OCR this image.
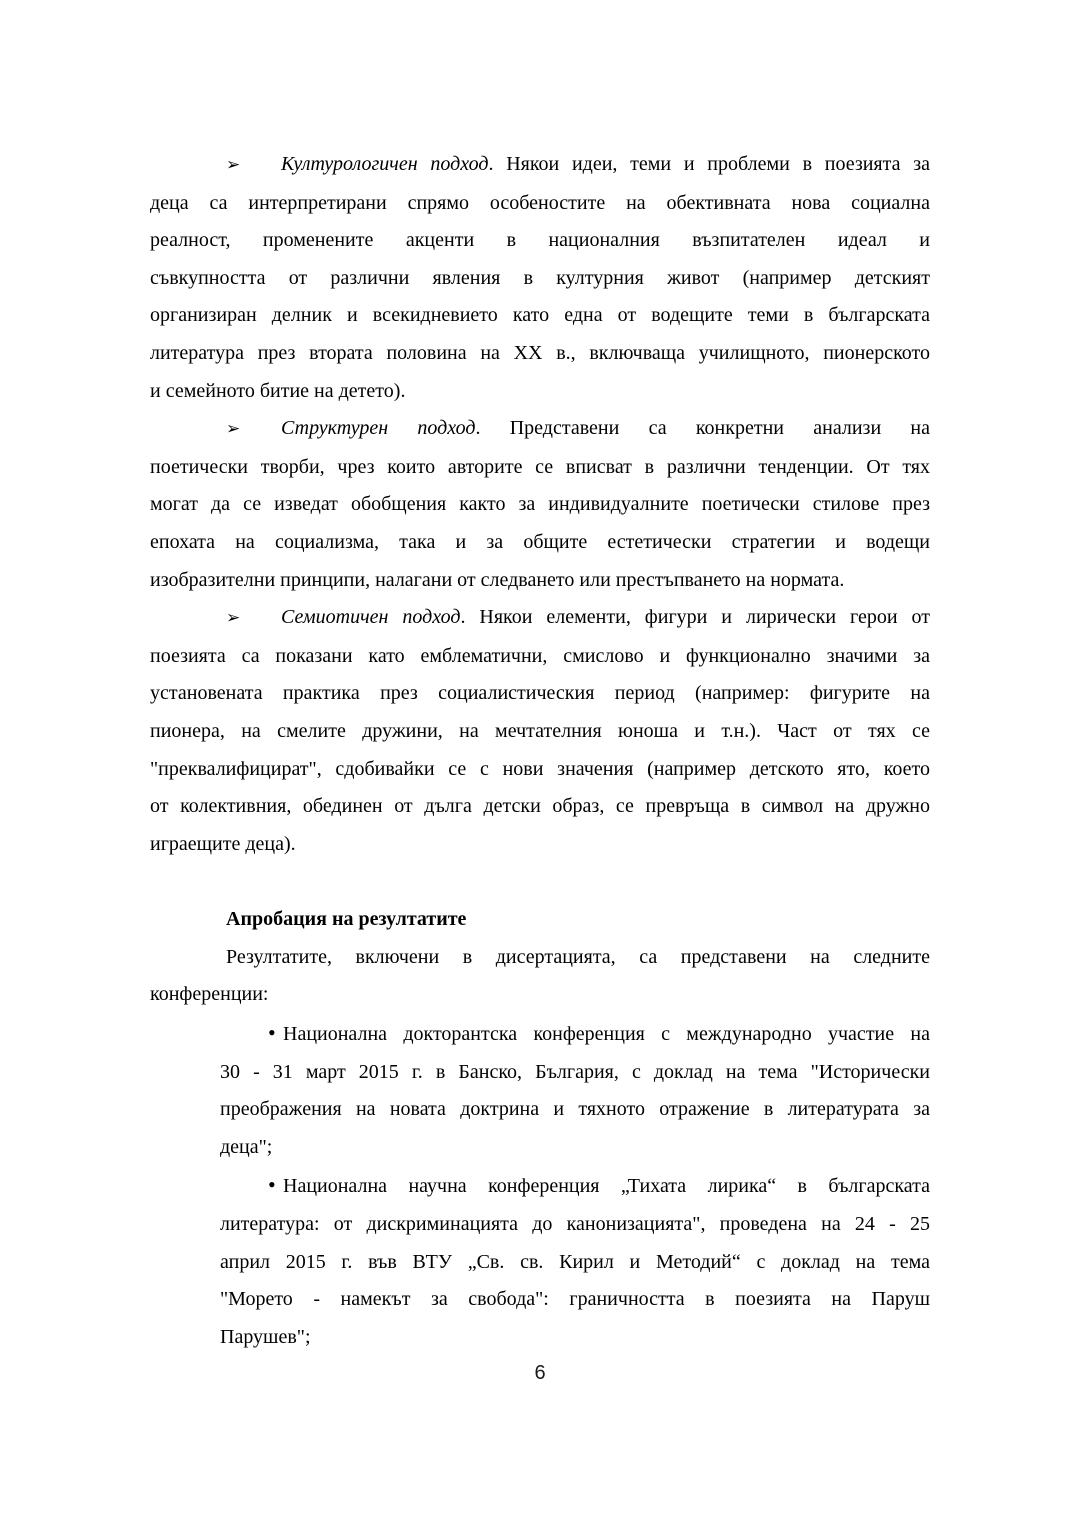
➢ Културологичен подход. Някои идеи, теми и проблеми в поезията за
деца са интерпретирани спрямо особеностите на обективната нова социална
реалност, променените акценти в националния възпитателен идеал и
съвкупността от различни явления в културния живот (например детският
организиран делник и всекидневието като една от водещите теми в българската
литература през втората половина на ХХ в., включваща училищното, пионерското
и семейното битие на детето).
➢ Структурен подход. Представени са конкретни анализи на
поетически творби, чрез които авторите се вписват в различни тенденции. От тях
могат да се изведат обобщения както за индивидуалните поетически стилове през
епохата на социализма, така и за общите естетически стратегии и водещи
изобразителни принципи, налагани от следването или престъпването на нормата.
➢ Семиотичен подход. Някои елементи, фигури и лирически герои от
поезията са показани като емблематични, смислово и функционално значими за
установената практика през социалистическия период (например: фигурите на
пионера, на смелите дружини, на мечтателния юноша и т.н.). Част от тях се
"преквалифицират", сдобивайки се с нови значения (например детското ято, което
от колективния, обединен от дълга детски образ, се превръща в символ на дружно
играещите деца).
Апробация на резултатите
Резултатите, включени в дисертацията, са представени на следните
конференции:
• Национална докторантска конференция с международно участие на
30 - 31 март 2015 г. в Банско, България, с доклад на тема "Исторически
преображения на новата доктрина и тяхното отражение в литературата за
деца";
• Национална научна конференция „Тихата лирика“ в българската
литература: от дискриминацията до канонизацията", проведена на 24 - 25
април 2015 г. във ВТУ „Св. св. Кирил и Методий“ с доклад на тема
"Морето - намекът за свобода": граничността в поезията на Паруш
Парушев";
6
